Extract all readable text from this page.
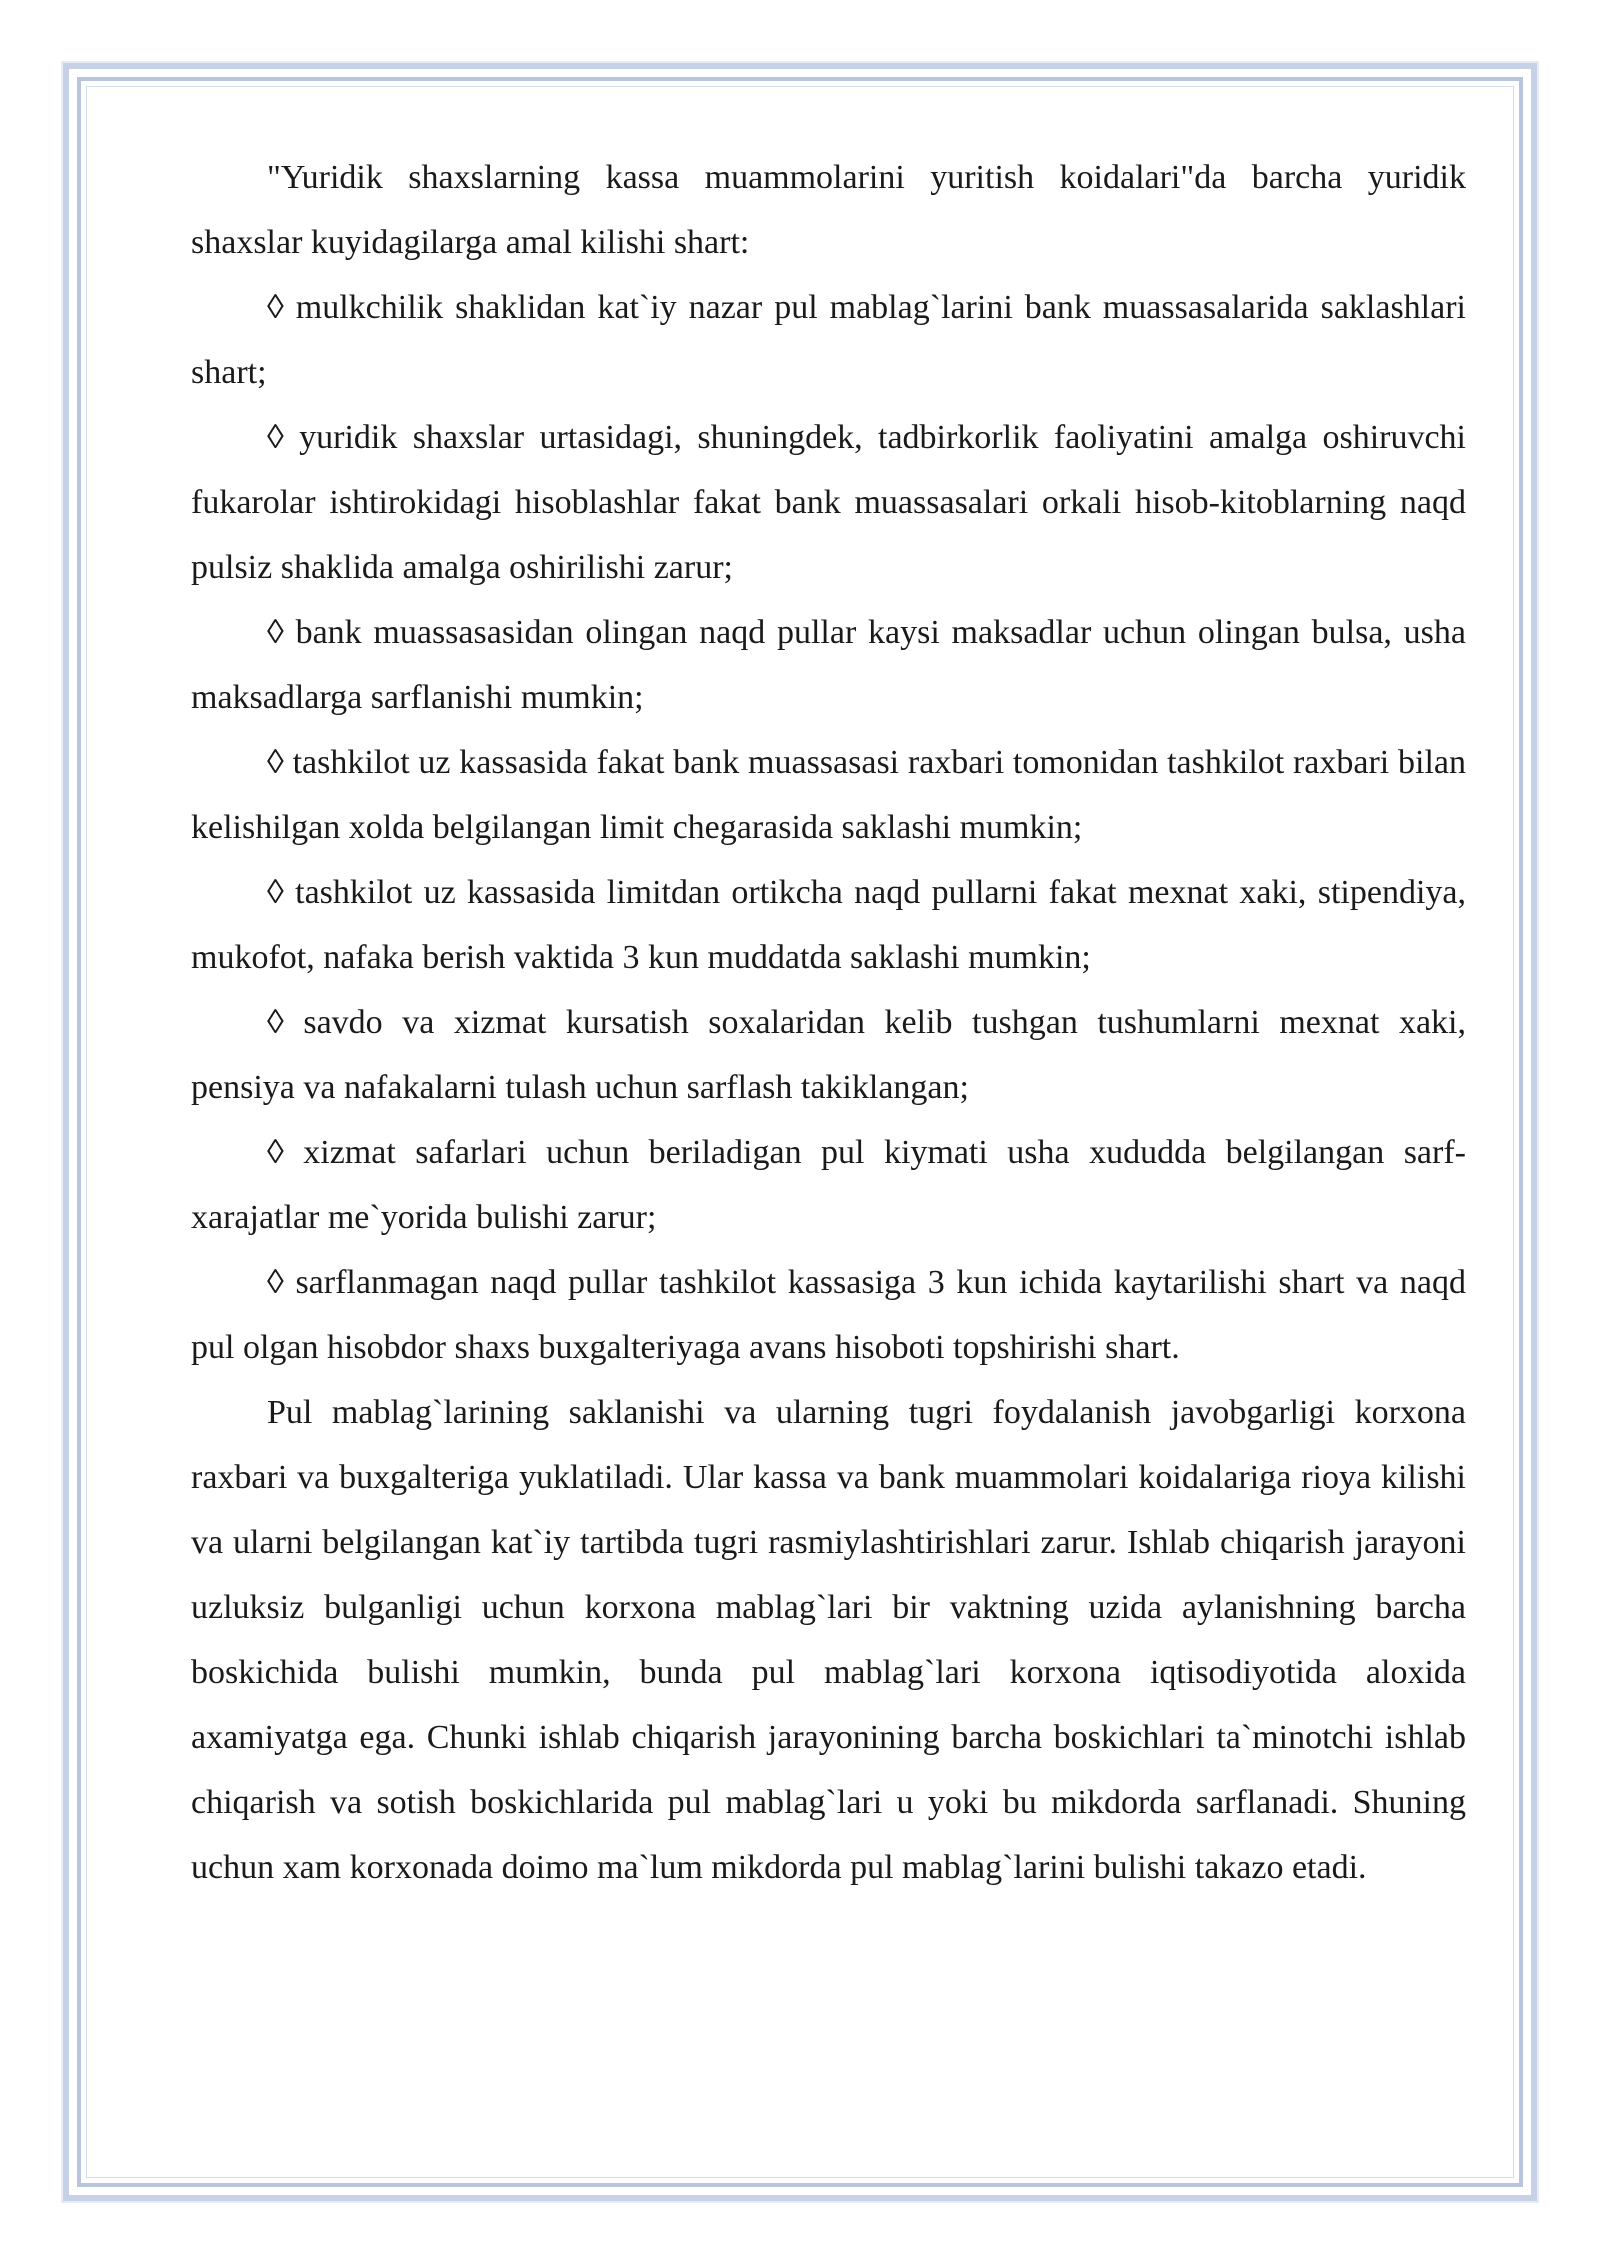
"Yuridik shaxslarning kassa muammolarini yuritish koidalari"da barcha yuridik shaxslar kuyidagilarga amal kilishi shart:

◊ mulkchilik shaklidan kat`iy nazar pul mablag`larini bank muassasalarida saklashlari shart;

◊ yuridik shaxslar urtasidagi, shuningdek, tadbirkorlik faoliyatini amalga oshiruvchi fukarolar ishtirokidagi hisoblashlar fakat bank muassasalari orkali hisob-kitoblarning naqd pulsiz shaklida amalga oshirilishi zarur;

◊ bank muassasasidan olingan naqd pullar kaysi maksadlar uchun olingan bulsa, usha maksadlarga sarflanishi mumkin;

◊ tashkilot uz kassasida fakat bank muassasasi raxbari tomonidan tashkilot raxbari bilan kelishilgan xolda belgilangan limit chegarasida saklashi mumkin;

◊ tashkilot uz kassasida limitdan ortikcha naqd pullarni fakat mexnat xaki, stipendiya, mukofot, nafaka berish vaktida 3 kun muddatda saklashi mumkin;

◊ savdo va xizmat kursatish soxalaridan kelib tushgan tushumlarni mexnat xaki, pensiya va nafakalarni tulash uchun sarflash takiklangan;

◊ xizmat safarlari uchun beriladigan pul kiymati usha xududda belgilangan sarf-xarajatlar me`yorida bulishi zarur;

◊ sarflanmagan naqd pullar tashkilot kassasiga 3 kun ichida kaytarilishi shart va naqd pul olgan hisobdor shaxs buxgalteriyaga avans hisoboti topshirishi shart.

Pul mablag`larining saklanishi va ularning tugri foydalanish javobgarligi korxona raxbari va buxgalteriga yuklatiladi. Ular kassa va bank muammolari koidalariga rioya kilishi va ularni belgilangan kat`iy tartibda tugri rasmiylashtirishlari zarur. Ishlab chiqarish jarayoni uzluksiz bulganligi uchun korxona mablag`lari bir vaktning uzida aylanishning barcha boskichida bulishi mumkin, bunda pul mablag`lari korxona iqtisodiyotida aloxida axamiyatga ega. Chunki ishlab chiqarish jarayonining barcha boskichlari ta`minotchi ishlab chiqarish va sotish boskichlarida pul mablag`lari u yoki bu mikdorda sarflanadi. Shuning uchun xam korxonada doimo ma`lum mikdorda pul mablag`larini bulishi takazo etadi.
